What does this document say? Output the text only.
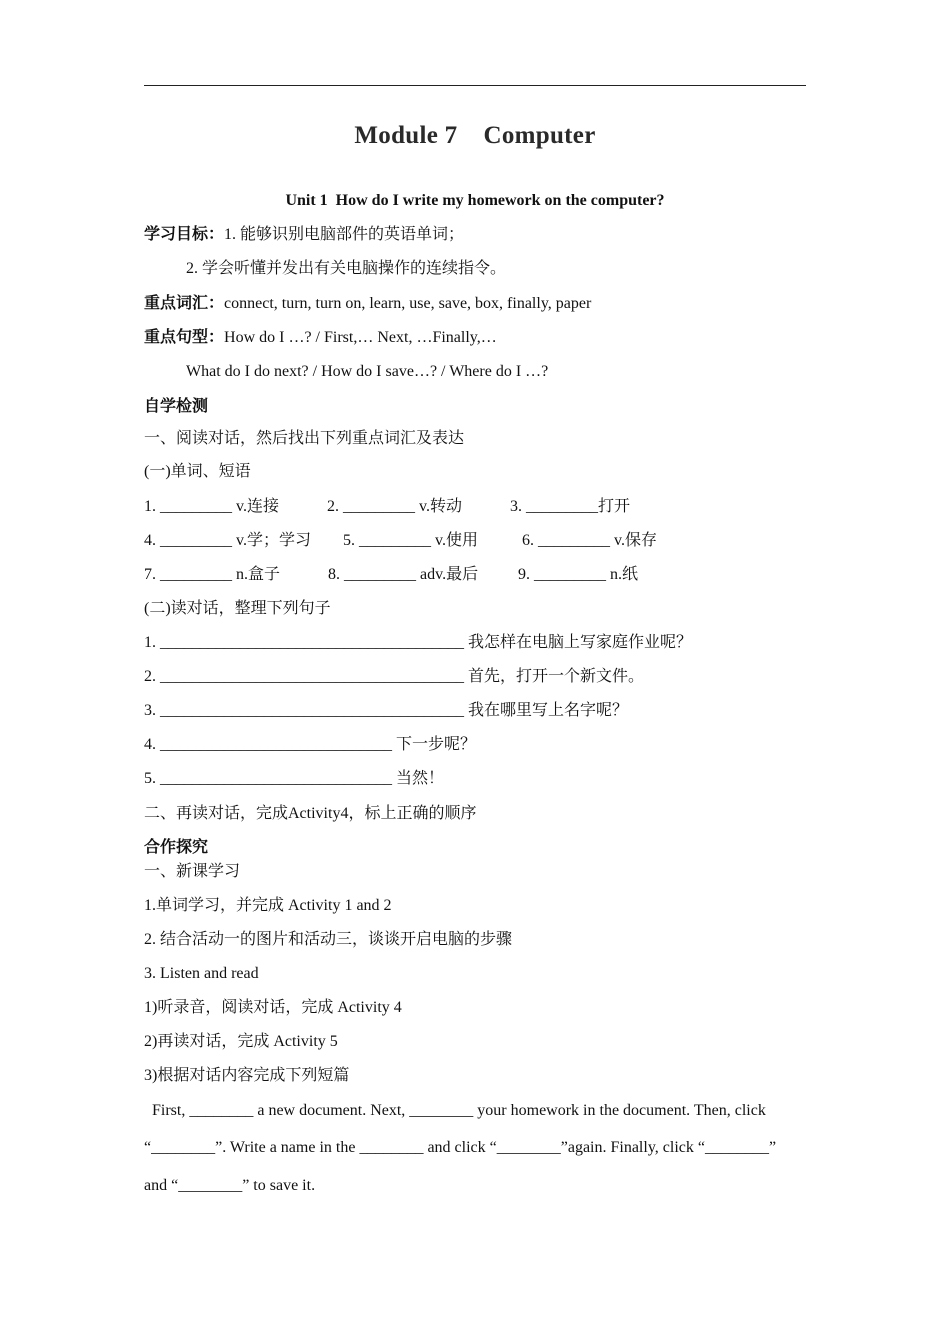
Module 7 Computer
Unit 1  How do I write my homework on the computer?
学习目标：1. 能够识别电脑部件的英语单词；
2. 学会听懂并发出有关电脑操作的连续指令。
重点词汇：connect, turn, turn on, learn, use, save, box, finally, paper
重点句型：How do I …? / First,… Next, …Finally,…
What do I do next? / How do I save…? / Where do I …?
自学检测
一、阅读对话，然后找出下列重点词汇及表达
(一)单词、短语
1. _________ v.连接	2. _________ v.转动	3. _________打开
4. _________ v.学；学习 5. _________ v.使用	6. _________ v.保存
7. _________ n.盒子	8. _________ adv.最后 9. _________ n.纸
(二)读对话，整理下列句子
1. ______________________________________ 我怎样在电脑上写家庭作业呢？
2. ______________________________________ 首先，打开一个新文件。
3. ______________________________________ 我在哪里写上名字呢？
4. _____________________________ 下一步呢？
5. _____________________________ 当然！
二、再读对话，完成Activity4，标上正确的顺序
合作探究
一、新课学习
1.单词学习，并完成 Activity 1 and 2
2. 结合活动一的图片和活动三，谈谈开启电脑的步骤
3. Listen and read
1)听录音，阅读对话，完成 Activity 4
2)再读对话，完成 Activity 5
3)根据对话内容完成下列短篇
First, ________ a new document. Next, ________ your homework in the document. Then, click
“________”. Write a name in the ________ and click “________”again. Finally, click “________”
and “________” to save it.
